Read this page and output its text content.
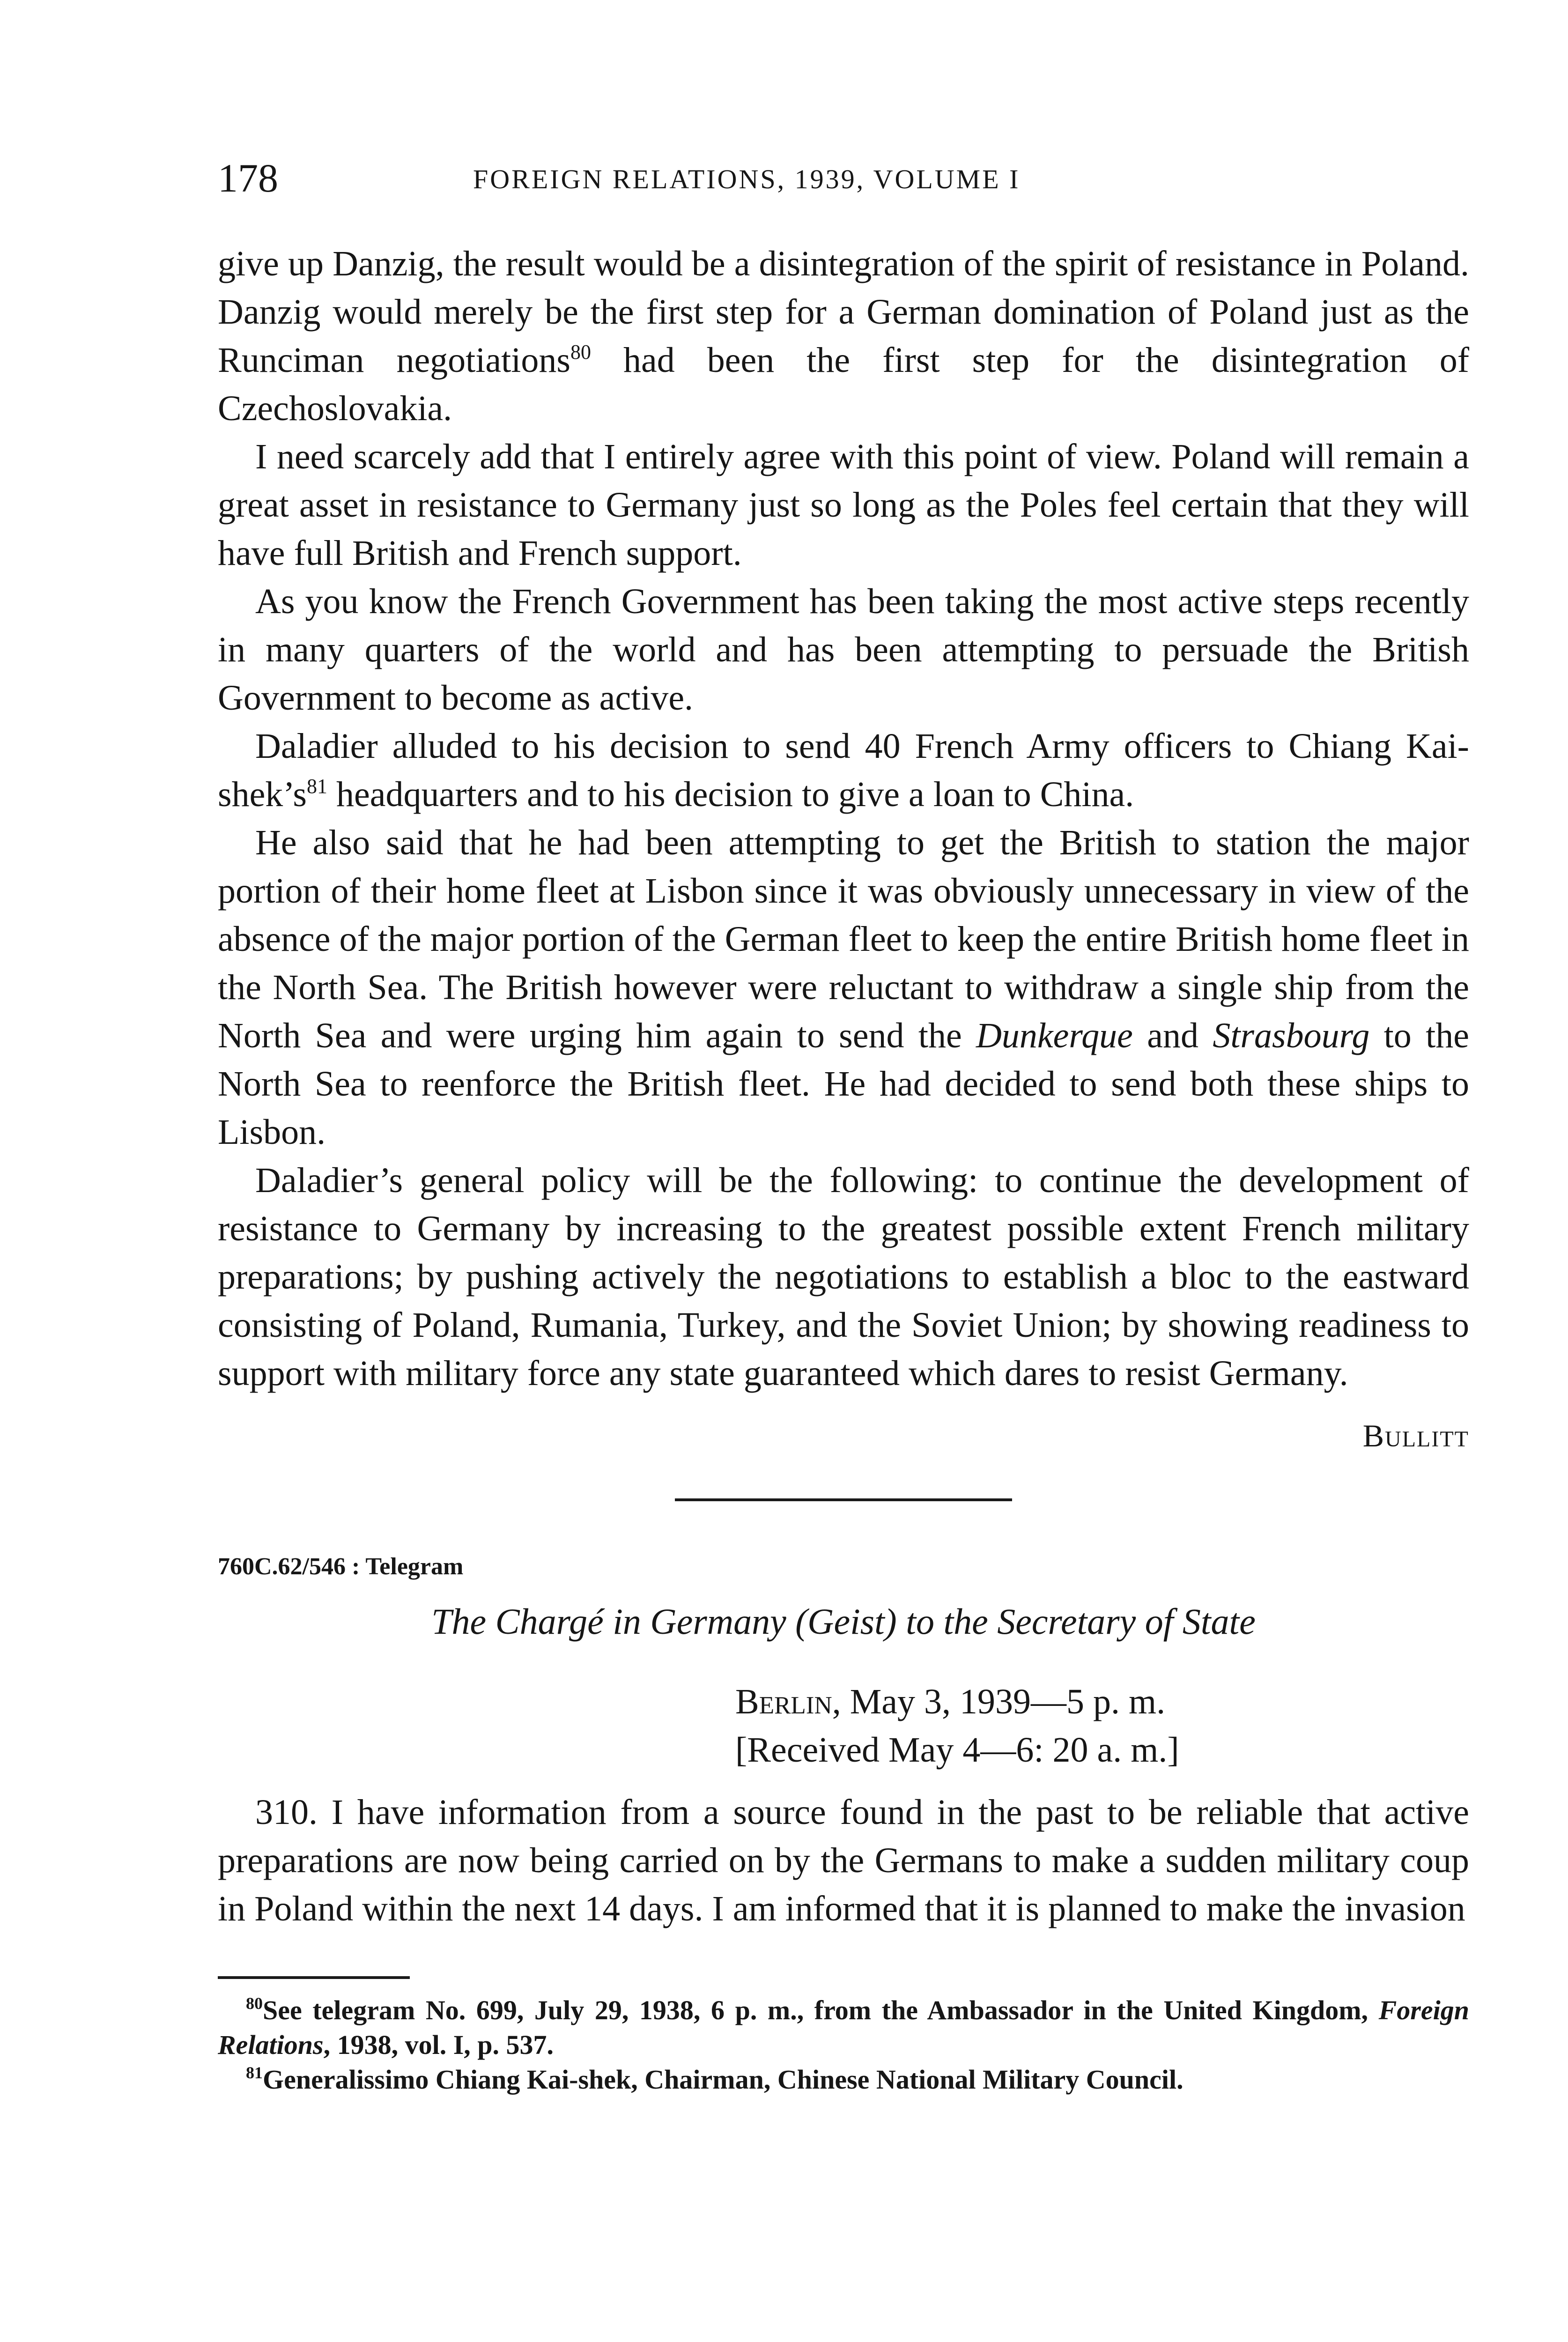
178	FOREIGN RELATIONS, 1939, VOLUME I

give up Danzig, the result would be a disintegration of the spirit of resistance in Poland. Danzig would merely be the first step for a German domination of Poland just as the Runciman negotiations$^{80}$ had been the first step for the disintegration of Czechoslovakia.

I need scarcely add that I entirely agree with this point of view. Poland will remain a great asset in resistance to Germany just so long as the Poles feel certain that they will have full British and French support.

As you know the French Government has been taking the most active steps recently in many quarters of the world and has been attempting to persuade the British Government to become as active.

Daladier alluded to his decision to send 40 French Army officers to Chiang Kai-$shek’s^{81}$ headquarters and to his decision to give a loan to China.

He also said that he had been attempting to get the British to station the major portion of their home fleet at Lisbon since it was obviously unnecessary in view of the absence of the major portion of the German fleet to keep the entire British home fleet in the North Sea. The British however were reluctant to withdraw a single ship from the North Sea and were urging him again to send the Dunkerque and Strasbourg to the North Sea to reenforce the British fleet. He had decided to send both these ships to Lisbon.

Daladier’s general policy will be the following: to continue the development of resistance to Germany by increasing to the greatest possible extent French military preparations; by pushing actively the negotiations to establish a bloc to the eastward consisting of Poland, Rumania, Turkey, and the Soviet Union; by showing readiness to support with military force any state guaranteed which dares to resist Germany.

Bullitt
760C.62/546 : Telegram
The Chargé in Germany (Geist) to the Secretary of State
Berlin, May 3, 1939—5 p. m.
[Received May 4—6: 20 a. m.]

310. I have information from a source found in the past to be reliable that active preparations are now being carried on by the Germans to make a sudden military coup in Poland within the next 14 days. I am informed that it is planned to make the invasion

$^{80}$See telegram No. 699, July 29, 1938, 6 p. m., from the Ambassador in the United Kingdom, Foreign Relations, 1938, vol. I, p. 537.

$^{81}$Generalissimo Chiang Kai-shek, Chairman, Chinese National Military Council.
